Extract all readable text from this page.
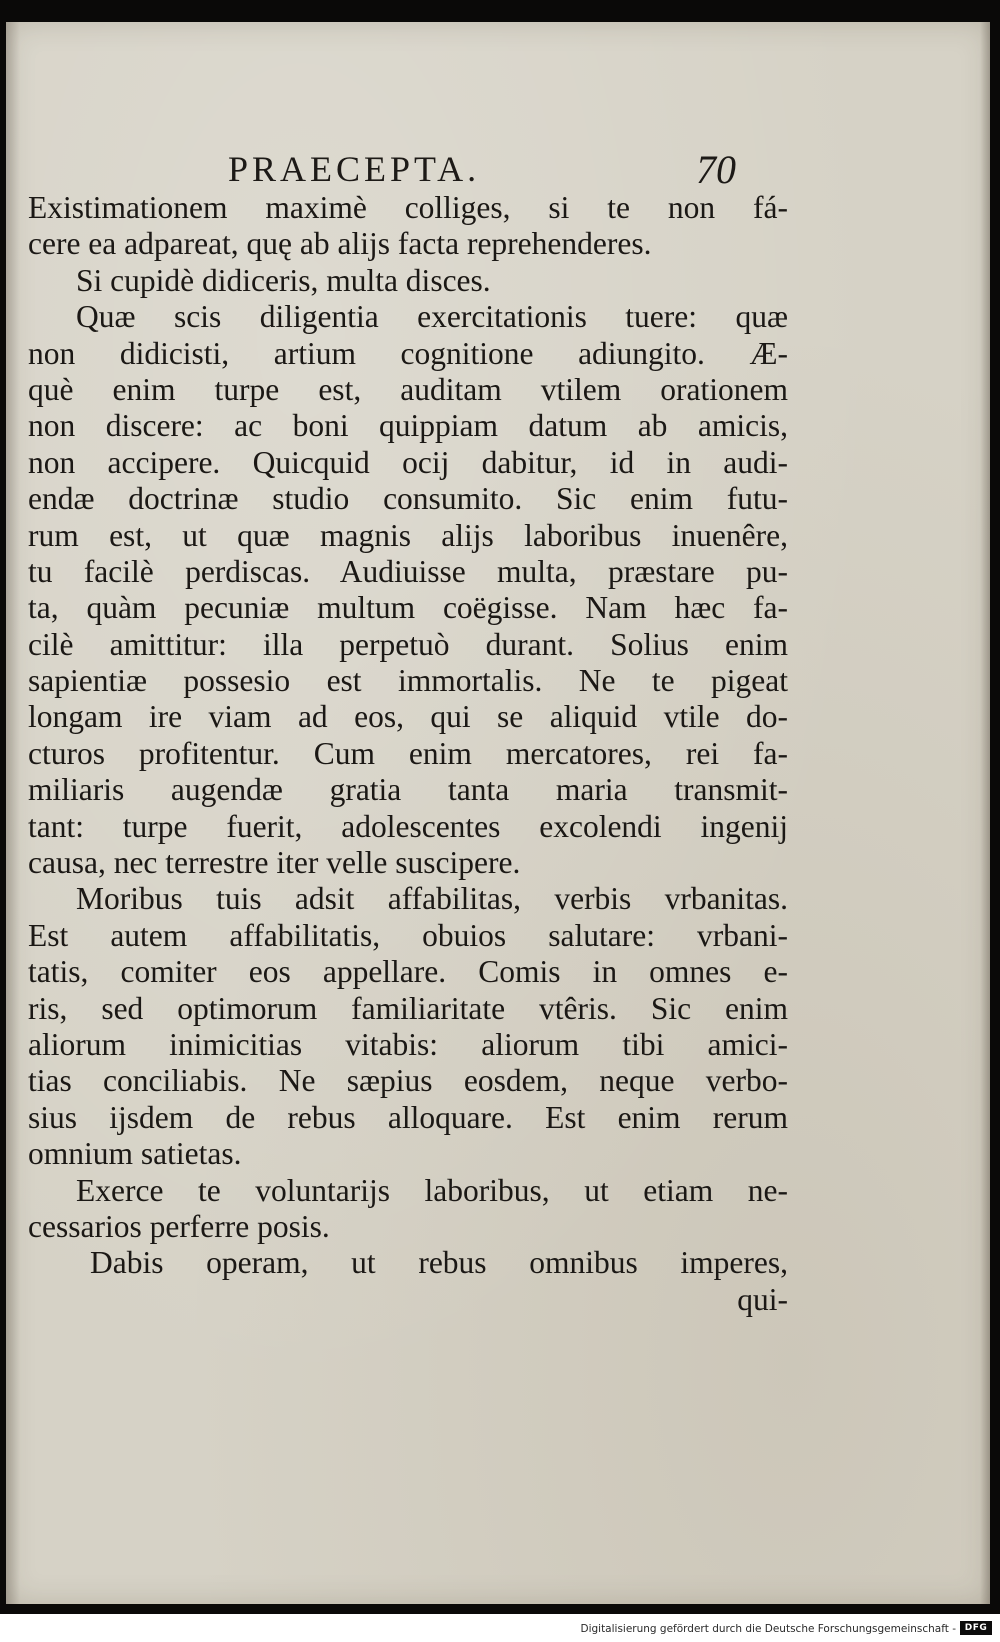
PRAECEPTA.	70
Existimationem maximè colliges, si te non fá-
cere ea adpareat, quę ab alijs facta reprehenderes.
Si cupidè didiceris, multa disces.
Quæ scis diligentia exercitationis tuere: quæ
non didicisti, artium cognitione adiungito. Æ-
què enim turpe est, auditam vtilem orationem
non discere: ac boni quippiam datum ab amicis,
non accipere. Quicquid ocij dabitur, id in audi-
endæ doctrinæ studio consumito. Sic enim futu-
rum est, ut quæ magnis alijs laboribus inuenêre,
tu facilè perdiscas. Audiuisse multa, præstare pu-
ta, quàm pecuniæ multum coëgisse. Nam hæc fa-
cilè amittitur: illa perpetuò durant. Solius enim
sapientiæ possesio est immortalis. Ne te pigeat
longam ire viam ad eos, qui se aliquid vtile do-
cturos profitentur. Cum enim mercatores, rei fa-
miliaris augendæ gratia tanta maria transmit-
tant: turpe fuerit, adolescentes excolendi ingenij
causa, nec terrestre iter velle suscipere.
Moribus tuis adsit affabilitas, verbis vrbanitas.
Est autem affabilitatis, obuios salutare: vrbani-
tatis, comiter eos appellare. Comis in omnes e-
ris, sed optimorum familiaritate vtêris. Sic enim
aliorum inimicitias vitabis: aliorum tibi amici-
tias conciliabis. Ne sæpius eosdem, neque verbo-
sius ijsdem de rebus alloquare. Est enim rerum
omnium satietas.
Exerce te voluntarijs laboribus, ut etiam ne-
cessarios perferre posis.
Dabis operam, ut rebus omnibus imperes,
qui-
Digitalisierung gefördert durch die Deutsche Forschungsgemeinschaft - DFG
